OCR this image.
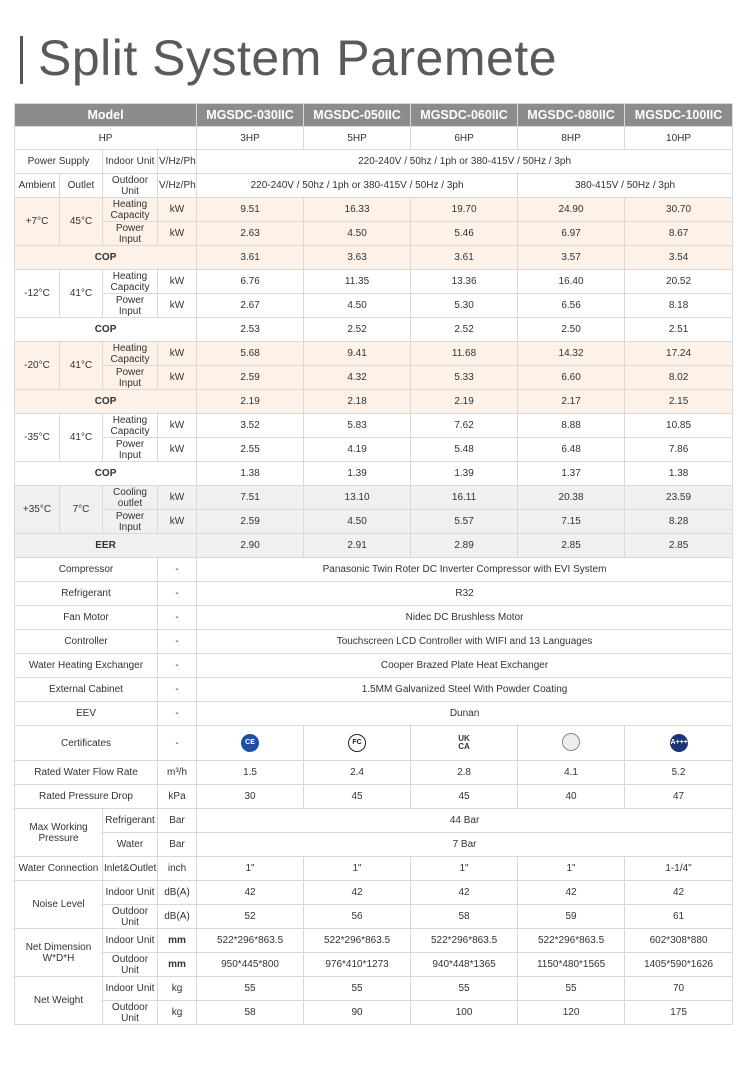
Split System Paremete
Model				MGSDC-030IIC	MGSDC-050IIC	MGSDC-060IIC	MGSDC-080IIC	MGSDC-100IIC
HP				3HP	5HP	6HP	8HP	10HP
Power Supply		Indoor Unit	V/Hz/Ph	220-240V / 50hz / 1ph or 380-415V / 50Hz / 3ph				
Ambient	Outlet	Outdoor Unit	V/Hz/Ph	220-240V / 50hz / 1ph or 380-415V / 50Hz / 3ph			380-415V / 50Hz / 3ph	
+7°C	45°C	Heating Capacity	kW	9.51	16.33	19.70	24.90	30.70
		Power Input	kW	2.63	4.50	5.46	6.97	8.67
COP				3.61	3.63	3.61	3.57	3.54
-12°C	41°C	Heating Capacity	kW	6.76	11.35	13.36	16.40	20.52
		Power Input	kW	2.67	4.50	5.30	6.56	8.18
COP				2.53	2.52	2.52	2.50	2.51
-20°C	41°C	Heating Capacity	kW	5.68	9.41	11.68	14.32	17.24
		Power Input	kW	2.59	4.32	5.33	6.60	8.02
COP				2.19	2.18	2.19	2.17	2.15
-35°C	41°C	Heating Capacity	kW	3.52	5.83	7.62	8.88	10.85
		Power Input	kW	2.55	4.19	5.48	6.48	7.86
COP				1.38	1.39	1.39	1.37	1.38
+35°C	7°C	Cooling outlet	kW	7.51	13.10	16.11	20.38	23.59
		Power Input	kW	2.59	4.50	5.57	7.15	8.28
EER				2.90	2.91	2.89	2.85	2.85
Compressor			-	Panasonic Twin Roter DC Inverter Compressor with EVI System				
Refrigerant			-	R32				
Fan Motor			-	Nidec DC Brushless Motor				
Controller			-	Touchscreen LCD Controller with WIFI and 13 Languages				
Water Heating Exchanger			-	Cooper Brazed Plate Heat Exchanger				
External Cabinet			-	1.5MM Galvanized Steel With Powder Coating				
EEV			-	Dunan				
Certificates			-	CE	FC	UK CA		A+++
Rated Water Flow Rate			m³/h	1.5	2.4	2.8	4.1	5.2
Rated Pressure Drop			kPa	30	45	45	40	47
Max Working Pressure		Refrigerant	Bar	44 Bar				
		Water	Bar	7 Bar				
Water Connection		Inlet&Outlet	inch	1"	1"	1"	1"	1-1/4"
Noise Level		Indoor Unit	dB(A)	42	42	42	42	42
		Outdoor Unit	dB(A)	52	56	58	59	61
Net Dimension W*D*H		Indoor Unit	mm	522*296*863.5	522*296*863.5	522*296*863.5	522*296*863.5	602*308*880
		Outdoor Unit	mm	950*445*800	976*410*1273	940*448*1365	1150*480*1565	1405*590*1626
Net Weight		Indoor Unit	kg	55	55	55	55	70
		Outdoor Unit	kg	58	90	100	120	175
